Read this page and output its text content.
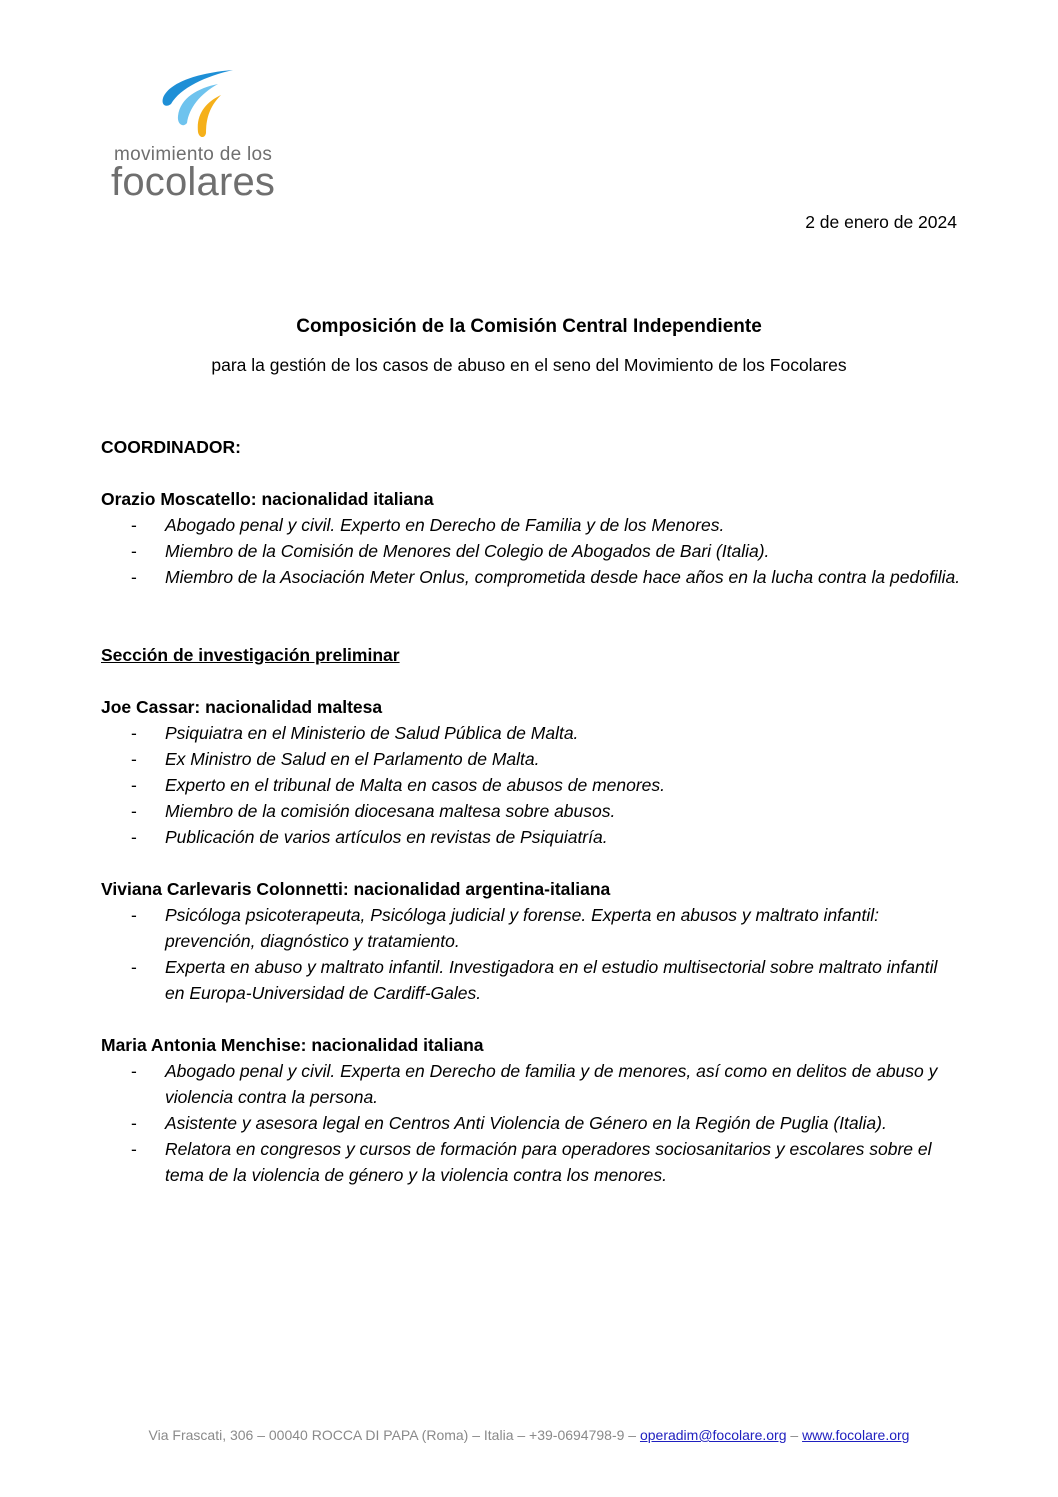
movimiento de los
focolares
2 de enero de 2024
Composición de la Comisión Central Independiente
para la gestión de los casos de abuso en el seno del Movimiento de los Focolares

COORDINADOR:

Orazio Moscatello: nacionalidad italiana

- Abogado penal y civil. Experto en Derecho de Familia y de los Menores.
- Miembro de la Comisión de Menores del Colegio de Abogados de Bari (Italia).
- Miembro de la Asociación Meter Onlus, comprometida desde hace años en la lucha contra la pedofilia.

Sección de investigación preliminar

Joe Cassar: nacionalidad maltesa

- Psiquiatra en el Ministerio de Salud Pública de Malta.
- Ex Ministro de Salud en el Parlamento de Malta.
- Experto en el tribunal de Malta en casos de abusos de menores.
- Miembro de la comisión diocesana maltesa sobre abusos.
- Publicación de varios artículos en revistas de Psiquiatría.

Viviana Carlevaris Colonnetti: nacionalidad argentina-italiana

- Psicóloga psicoterapeuta, Psicóloga judicial y forense. Experta en abusos y maltrato infantil: prevención, diagnóstico y tratamiento.
- Experta en abuso y maltrato infantil. Investigadora en el estudio multisectorial sobre maltrato infantil en Europa-Universidad de Cardiff-Gales.

Maria Antonia Menchise: nacionalidad italiana

- Abogado penal y civil. Experta en Derecho de familia y de menores, así como en delitos de abuso y violencia contra la persona.
- Asistente y asesora legal en Centros Anti Violencia de Género en la Región de Puglia (Italia).
- Relatora en congresos y cursos de formación para operadores sociosanitarios y escolares sobre el tema de la violencia de género y la violencia contra los menores.
Via Frascati, 306 – 00040 ROCCA DI PAPA (Roma) – Italia – +39-0694798-9 – operadim@focolare.org – www.focolare.org
